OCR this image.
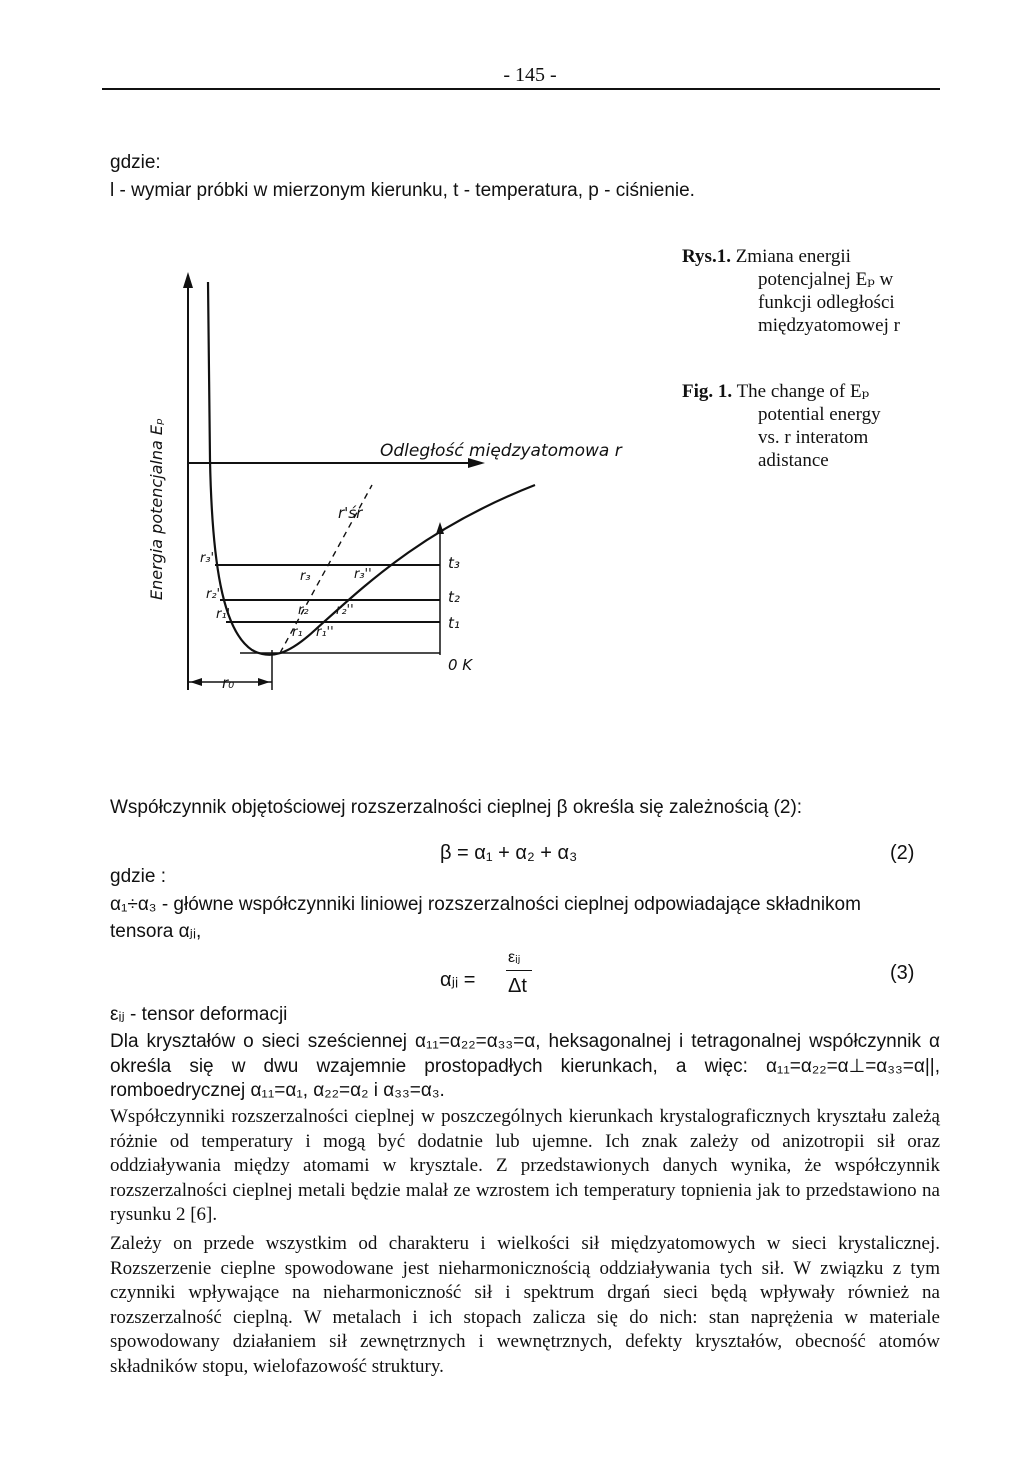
- 145 -
gdzie:
l - wymiar próbki w mierzonym kierunku, t - temperatura, p - ciśnienie.
Energia potencjalna Eₚ	Odległość międzyatomowa r
r'śr
r₃'
r₂'
r₁'
r₃
r₂
r₁
r₃''
r₂''
r₁''
t₃
t₂
t₁
0 K
r₀
Rys.1. Zmiana energii
potencjalnej Eₚ w
funkcji odległości
międzyatomowej r
Fig. 1. The change of Eₚ
potential energy
vs. r interatom
adistance
Współczynnik objętościowej rozszerzalności cieplnej β określa się zależnością (2):
β = α₁ + α₂ + α₃	(2)
gdzie :
α₁÷α₃ - główne współczynniki liniowej rozszerzalności cieplnej odpowiadające składnikom
tensora αⱼᵢ,
αⱼᵢ =
εᵢⱼ
Δt
(3)
εᵢⱼ - tensor deformacji
Dla kryształów o sieci sześciennej α₁₁=α₂₂=α₃₃=α, heksagonalnej i tetragonalnej współczynnik α określa się w dwu wzajemnie prostopadłych kierunkach, a więc: α₁₁=α₂₂=α⊥=α₃₃=α||, romboedrycznej α₁₁=α₁, α₂₂=α₂ i α₃₃=α₃.
Współczynniki rozszerzalności cieplnej w poszczególnych kierunkach krystalograficznych kryształu zależą różnie od temperatury i mogą być dodatnie lub ujemne. Ich znak zależy od anizotropii sił oraz oddziaływania między atomami w krysztale. Z przedstawionych danych wynika, że współczynnik rozszerzalności cieplnej metali będzie malał ze wzrostem ich temperatury topnienia jak to przedstawiono na rysunku 2 [6].
Zależy on przede wszystkim od charakteru i wielkości sił międzyatomowych w sieci krystalicznej. Rozszerzenie cieplne spowodowane jest nieharmonicznością oddziaływania tych sił. W związku z tym czynniki wpływające na nieharmoniczność sił i spektrum drgań sieci będą wpływały również na rozszerzalność cieplną. W metalach i ich stopach zalicza się do nich: stan naprężenia w materiale spowodowany działaniem sił zewnętrznych i wewnętrznych, defekty kryształów, obecność atomów składników stopu, wielofazowość struktury.
